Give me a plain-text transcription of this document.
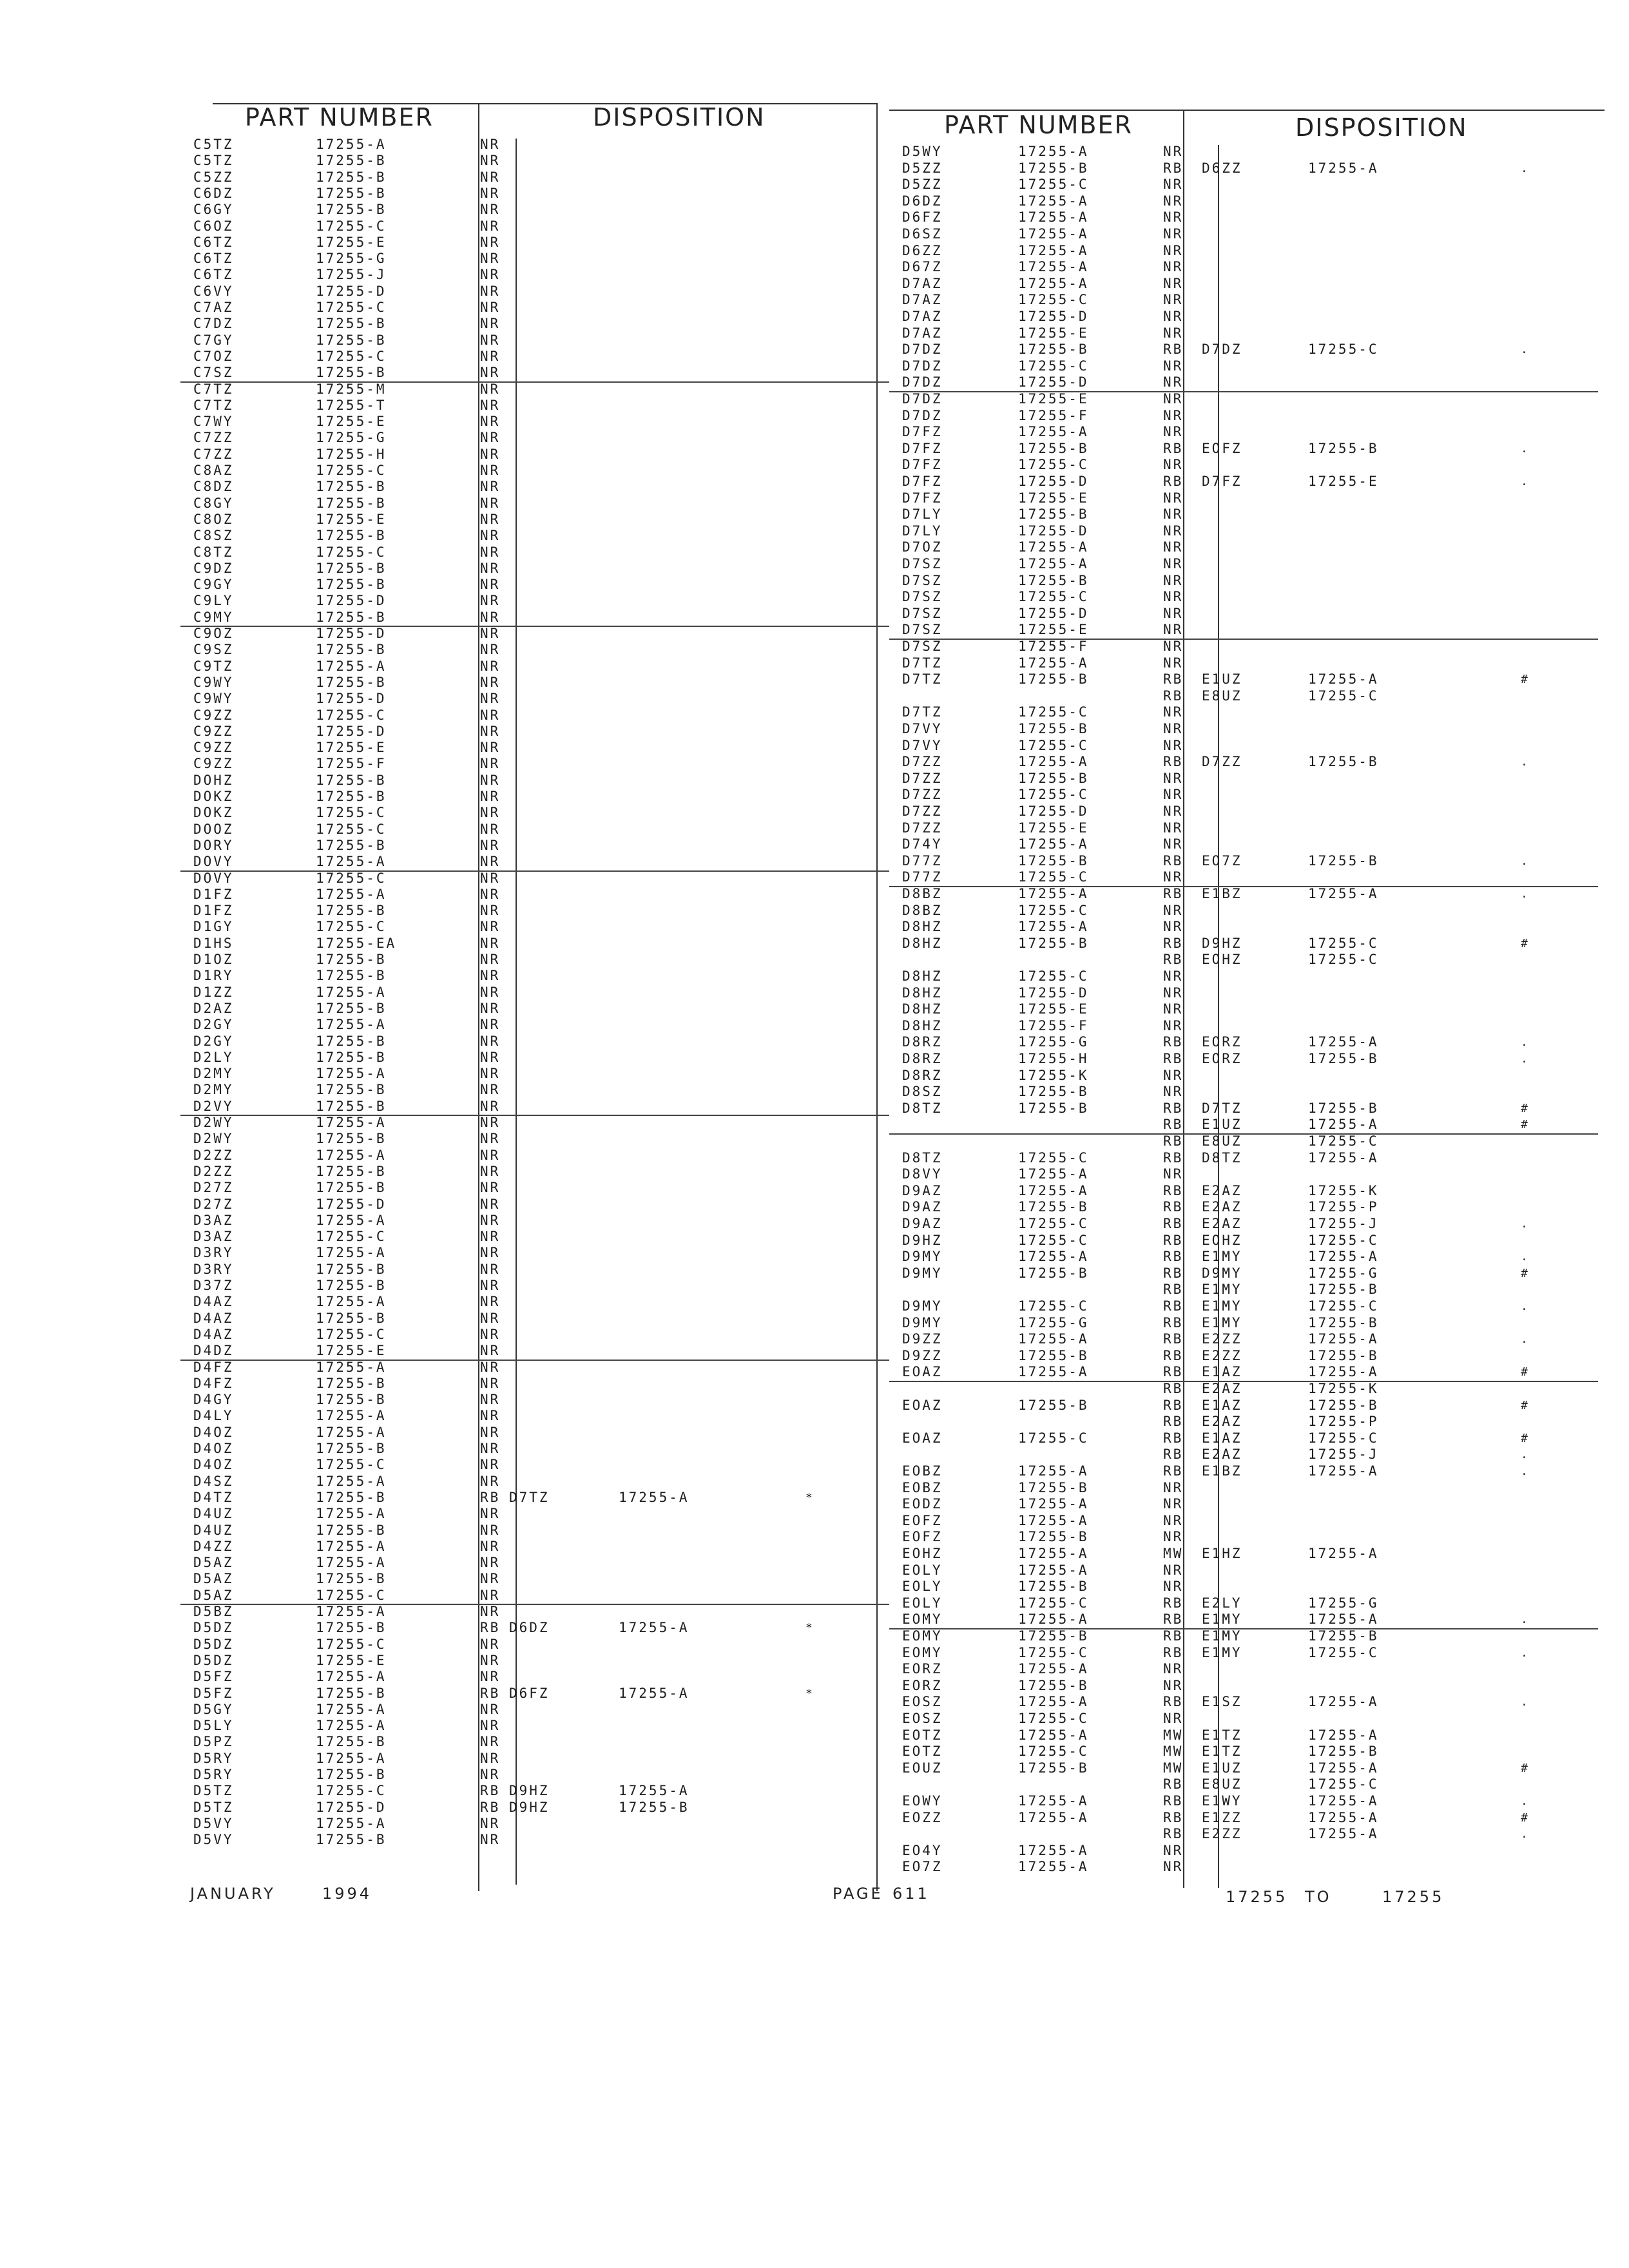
PART NUMBER	DISPOSITION	PART NUMBER	DISPOSITION
C5TZ	17255-A	NR
C5TZ	17255-B	NR
C5ZZ	17255-B	NR
C6DZ	17255-B	NR
C6GY	17255-B	NR
C6OZ	17255-C	NR
C6TZ	17255-E	NR
C6TZ	17255-G	NR
C6TZ	17255-J	NR
C6VY	17255-D	NR
C7AZ	17255-C	NR
C7DZ	17255-B	NR
C7GY	17255-B	NR
C7OZ	17255-C	NR
C7SZ	17255-B	NR
C7TZ	17255-M	NR
C7TZ	17255-T	NR
C7WY	17255-E	NR
C7ZZ	17255-G	NR
C7ZZ	17255-H	NR
C8AZ	17255-C	NR
C8DZ	17255-B	NR
C8GY	17255-B	NR
C8OZ	17255-E	NR
C8SZ	17255-B	NR
C8TZ	17255-C	NR
C9DZ	17255-B	NR
C9GY	17255-B	NR
C9LY	17255-D	NR
C9MY	17255-B	NR
C9OZ	17255-D	NR
C9SZ	17255-B	NR
C9TZ	17255-A	NR
C9WY	17255-B	NR
C9WY	17255-D	NR
C9ZZ	17255-C	NR
C9ZZ	17255-D	NR
C9ZZ	17255-E	NR
C9ZZ	17255-F	NR
DOHZ	17255-B	NR
DOKZ	17255-B	NR
DOKZ	17255-C	NR
DOOZ	17255-C	NR
DORY	17255-B	NR
DOVY	17255-A	NR
DOVY	17255-C	NR
D1FZ	17255-A	NR
D1FZ	17255-B	NR
D1GY	17255-C	NR
D1HS	17255-EA	NR
D1OZ	17255-B	NR
D1RY	17255-B	NR
D1ZZ	17255-A	NR
D2AZ	17255-B	NR
D2GY	17255-A	NR
D2GY	17255-B	NR
D2LY	17255-B	NR
D2MY	17255-A	NR
D2MY	17255-B	NR
D2VY	17255-B	NR
D2WY	17255-A	NR
D2WY	17255-B	NR
D2ZZ	17255-A	NR
D2ZZ	17255-B	NR
D27Z	17255-B	NR
D27Z	17255-D	NR
D3AZ	17255-A	NR
D3AZ	17255-C	NR
D3RY	17255-A	NR
D3RY	17255-B	NR
D37Z	17255-B	NR
D4AZ	17255-A	NR
D4AZ	17255-B	NR
D4AZ	17255-C	NR
D4DZ	17255-E	NR
D4FZ	17255-A	NR
D4FZ	17255-B	NR
D4GY	17255-B	NR
D4LY	17255-A	NR
D4OZ	17255-A	NR
D4OZ	17255-B	NR
D4OZ	17255-C	NR
D4SZ	17255-A	NR
D4TZ	17255-B	RB D7TZ	17255-A	*
D4UZ	17255-A	NR
D4UZ	17255-B	NR
D4ZZ	17255-A	NR
D5AZ	17255-A	NR
D5AZ	17255-B	NR
D5AZ	17255-C	NR
D5BZ	17255-A	NR
D5DZ	17255-B	RB D6DZ	17255-A	*
D5DZ	17255-C	NR
D5DZ	17255-E	NR
D5FZ	17255-A	NR
D5FZ	17255-B	RB D6FZ	17255-A	*
D5GY	17255-A	NR
D5LY	17255-A	NR
D5PZ	17255-B	NR
D5RY	17255-A	NR
D5RY	17255-B	NR
D5TZ	17255-C	RB D9HZ	17255-A
D5TZ	17255-D	RB D9HZ	17255-B
D5VY	17255-A	NR
D5VY	17255-B	NR
D5WY	17255-A	NR
D5ZZ	17255-B	RB D6ZZ	17255-A	.
D5ZZ	17255-C	NR
D6DZ	17255-A	NR
D6FZ	17255-A	NR
D6SZ	17255-A	NR
D6ZZ	17255-A	NR
D67Z	17255-A	NR
D7AZ	17255-A	NR
D7AZ	17255-C	NR
D7AZ	17255-D	NR
D7AZ	17255-E	NR
D7DZ	17255-B	RB D7DZ	17255-C	.
D7DZ	17255-C	NR
D7DZ	17255-D	NR
D7DZ	17255-E	NR
D7DZ	17255-F	NR
D7FZ	17255-A	NR
D7FZ	17255-B	RB EOFZ	17255-B	.
D7FZ	17255-C	NR
D7FZ	17255-D	RB D7FZ	17255-E	.
D7FZ	17255-E	NR
D7LY	17255-B	NR
D7LY	17255-D	NR
D7OZ	17255-A	NR
D7SZ	17255-A	NR
D7SZ	17255-B	NR
D7SZ	17255-C	NR
D7SZ	17255-D	NR
D7SZ	17255-E	NR
D7SZ	17255-F	NR
D7TZ	17255-A	NR
D7TZ	17255-B	RB E1UZ	17255-A	#
RB E8UZ	17255-C
D7TZ	17255-C	NR
D7VY	17255-B	NR
D7VY	17255-C	NR
D7ZZ	17255-A	RB D7ZZ	17255-B	.
D7ZZ	17255-B	NR
D7ZZ	17255-C	NR
D7ZZ	17255-D	NR
D7ZZ	17255-E	NR
D74Y	17255-A	NR
D77Z	17255-B	RB EO7Z	17255-B	.
D77Z	17255-C	NR
D8BZ	17255-A	RB E1BZ	17255-A	.
D8BZ	17255-C	NR
D8HZ	17255-A	NR
D8HZ	17255-B	RB D9HZ	17255-C	#
RB EOHZ	17255-C
D8HZ	17255-C	NR
D8HZ	17255-D	NR
D8HZ	17255-E	NR
D8HZ	17255-F	NR
D8RZ	17255-G	RB EORZ	17255-A	.
D8RZ	17255-H	RB EORZ	17255-B	.
D8RZ	17255-K	NR
D8SZ	17255-B	NR
D8TZ	17255-B	RB D7TZ	17255-B	#
RB E1UZ	17255-A	#
RB E8UZ	17255-C
D8TZ	17255-C	RB D8TZ	17255-A
D8VY	17255-A	NR
D9AZ	17255-A	RB E2AZ	17255-K
D9AZ	17255-B	RB E2AZ	17255-P
D9AZ	17255-C	RB E2AZ	17255-J	.
D9HZ	17255-C	RB EOHZ	17255-C
D9MY	17255-A	RB E1MY	17255-A	.
D9MY	17255-B	RB D9MY	17255-G	#
RB E1MY	17255-B
D9MY	17255-C	RB E1MY	17255-C	.
D9MY	17255-G	RB E1MY	17255-B
D9ZZ	17255-A	RB E2ZZ	17255-A	.
D9ZZ	17255-B	RB E2ZZ	17255-B
EOAZ	17255-A	RB E1AZ	17255-A	#
RB E2AZ	17255-K
EOAZ	17255-B	RB E1AZ	17255-B	#
RB E2AZ	17255-P
EOAZ	17255-C	RB E1AZ	17255-C	#
RB E2AZ	17255-J	.
EOBZ	17255-A	RB E1BZ	17255-A	.
EOBZ	17255-B	NR
EODZ	17255-A	NR
EOFZ	17255-A	NR
EOFZ	17255-B	NR
EOHZ	17255-A	MW E1HZ	17255-A
EOLY	17255-A	NR
EOLY	17255-B	NR
EOLY	17255-C	RB E2LY	17255-G
EOMY	17255-A	RB E1MY	17255-A	.
EOMY	17255-B	RB E1MY	17255-B
EOMY	17255-C	RB E1MY	17255-C	.
EORZ	17255-A	NR
EORZ	17255-B	NR
EOSZ	17255-A	RB E1SZ	17255-A	.
EOSZ	17255-C	NR
EOTZ	17255-A	MW E1TZ	17255-A
EOTZ	17255-C	MW E1TZ	17255-B
EOUZ	17255-B	MW E1UZ	17255-A	#
RB E8UZ	17255-C
EOWY	17255-A	RB E1WY	17255-A	.
EOZZ	17255-A	RB E1ZZ	17255-A	#
RB E2ZZ	17255-A	.
EO4Y	17255-A	NR
EO7Z	17255-A	NR
JANUARY	1994	PAGE 611	17255 TO	17255
